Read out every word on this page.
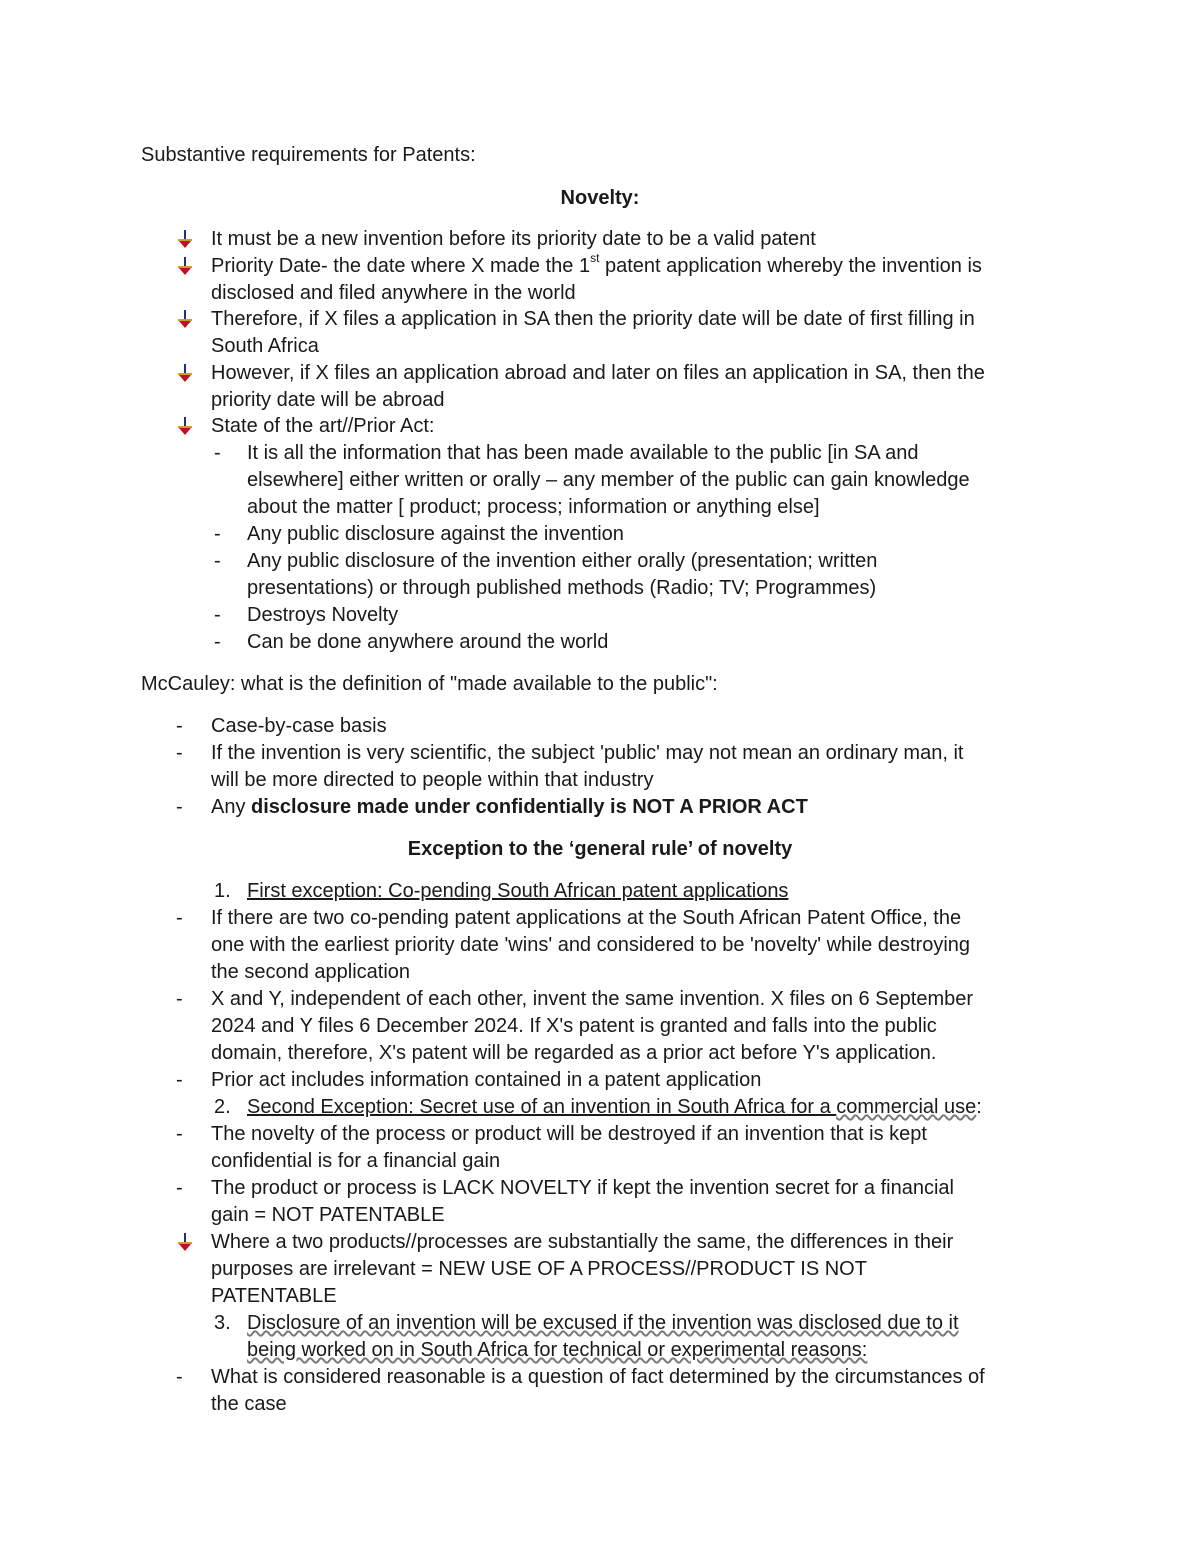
Substantive requirements for Patents:
Novelty:
It must be a new invention before its priority date to be a valid patent
Priority Date- the date where X made the 1st patent application whereby the invention is
disclosed and filed anywhere in the world
Therefore, if X files a application in SA then the priority date will be date of first filling in
South Africa
However, if X files an application abroad and later on files an application in SA, then the
priority date will be abroad
State of the art//Prior Act:
- It is all the information that has been made available to the public [in SA and
elsewhere] either written or orally – any member of the public can gain knowledge
about the matter [ product; process; information or anything else]
- Any public disclosure against the invention
- Any public disclosure of the invention either orally (presentation; written
presentations) or through published methods (Radio; TV; Programmes)
- Destroys Novelty
- Can be done anywhere around the world
McCauley: what is the definition of "made available to the public":
- Case-by-case basis
- If the invention is very scientific, the subject 'public' may not mean an ordinary man, it
will be more directed to people within that industry
- Any disclosure made under confidentially is NOT A PRIOR ACT
Exception to the ‘general rule’ of novelty
1. First exception: Co-pending South African patent applications
- If there are two co-pending patent applications at the South African Patent Office, the
one with the earliest priority date 'wins' and considered to be 'novelty' while destroying
the second application
- X and Y, independent of each other, invent the same invention. X files on 6 September
2024 and Y files 6 December 2024. If X's patent is granted and falls into the public
domain, therefore, X's patent will be regarded as a prior act before Y's application.
- Prior act includes information contained in a patent application
2. Second Exception: Secret use of an invention in South Africa for a commercial use:
- The novelty of the process or product will be destroyed if an invention that is kept
confidential is for a financial gain
- The product or process is LACK NOVELTY if kept the invention secret for a financial
gain = NOT PATENTABLE
Where a two products//processes are substantially the same, the differences in their
purposes are irrelevant = NEW USE OF A PROCESS//PRODUCT IS NOT
PATENTABLE
3. Disclosure of an invention will be excused if the invention was disclosed due to it
being worked on in South Africa for technical or experimental reasons:
- What is considered reasonable is a question of fact determined by the circumstances of
the case
